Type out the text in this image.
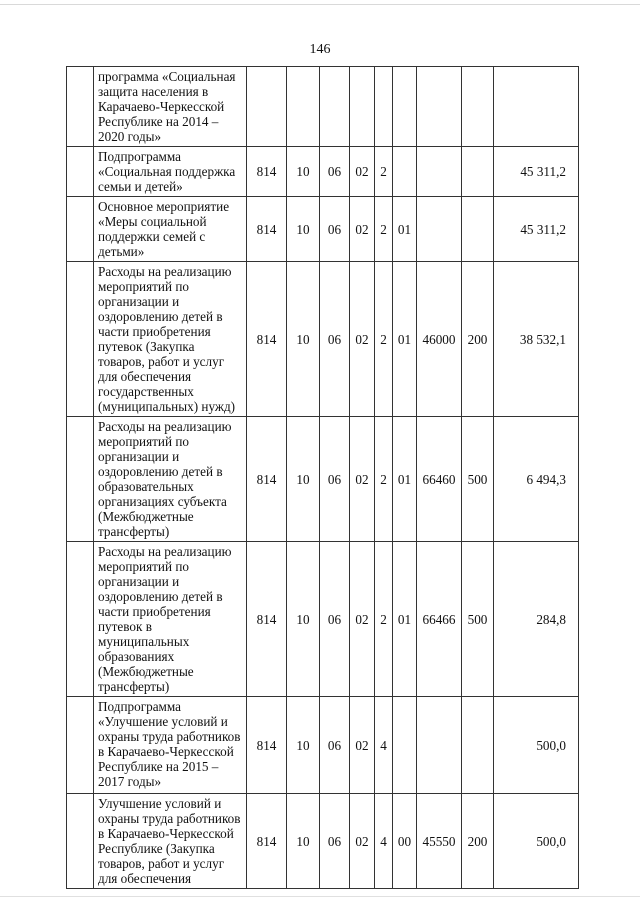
146
	программа «Социальная защита населения в Карачаево-Черкесской Республике на 2014 – 2020 годы»									
	Подпрограмма «Социальная поддержка семьи и детей»	814	10	06	02	2				45 311,2
	Основное мероприятие «Меры социальной поддержки семей с детьми»	814	10	06	02	2	01			45 311,2
	Расходы на реализацию мероприятий по организации и оздоровлению детей в части приобретения путевок (Закупка товаров, работ и услуг для обеспечения государственных (муниципальных) нужд)	814	10	06	02	2	01	46000	200	38 532,1
	Расходы на реализацию мероприятий по организации и оздоровлению детей в образовательных организациях субъекта (Межбюджетные трансферты)	814	10	06	02	2	01	66460	500	6 494,3
	Расходы на реализацию мероприятий по организации и оздоровлению детей в части приобретения путевок в муниципальных образованиях (Межбюджетные трансферты)	814	10	06	02	2	01	66466	500	284,8
	Подпрограмма «Улучшение условий и охраны труда работников в Карачаево-Черкесской Республике на 2015 – 2017 годы»	814	10	06	02	4				500,0
	Улучшение условий и охраны труда работников в Карачаево-Черкесской Республике (Закупка товаров, работ и услуг для обеспечения	814	10	06	02	4	00	45550	200	500,0
